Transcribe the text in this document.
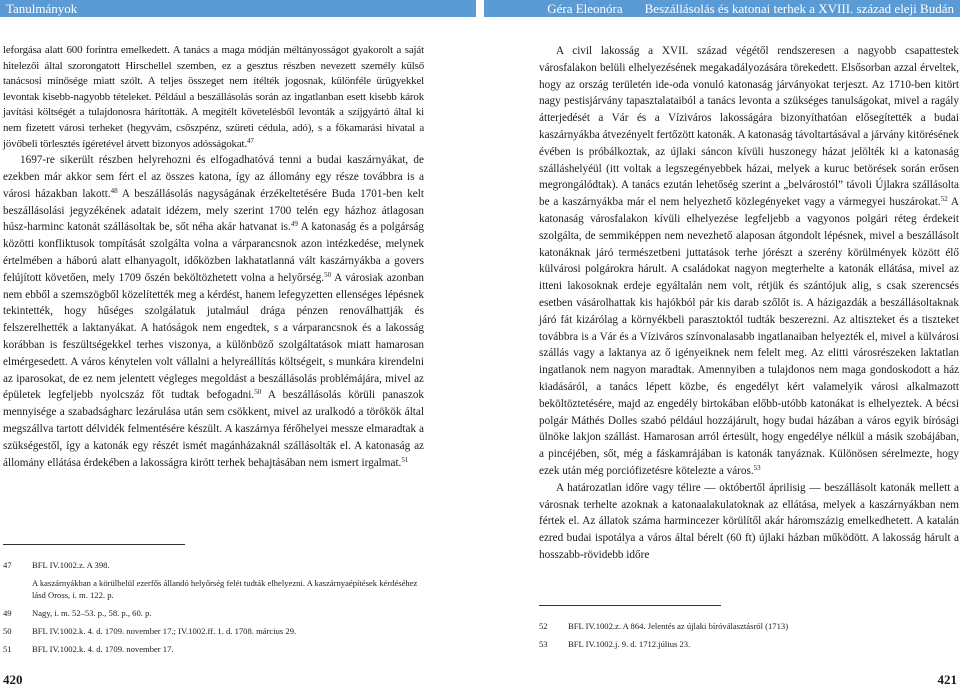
Tanulmányok	Géra Eleonóra Beszállásolás és katonai terhek a XVIII. század eleji Budán

leforgása alatt 600 forintra emelkedett. A tanács a maga módján méltányosságot gyakorolt a saját hitelezői által szorongatott Hirschellel szemben, ez a gesztus részben nevezett személy külső tanácsosi minősége miatt szólt. A teljes összeget nem ítélték jogosnak, különféle ürügyekkel levontak kisebb-nagyobb tételeket. Például a beszállásolás során az ingatlanban esett kisebb károk javítási költségét a tulajdonosra hárították. A megítélt követelésből levonták a szíjgyártó által ki nem fizetett városi terheket (hegyvám, csőszpénz, szüreti cédula, adó), s a főkamarási hivatal a jövőbeli törlesztés ígéretével átvett bizonyos adósságokat.$^{47}$

1697-re sikerült részben helyrehozni és elfogadhatóvá tenni a budai kaszárnyákat, de ezekben már akkor sem fért el az összes katona, így az állomány egy része továbbra is a városi házakban lakott.$^{48}$ A beszállásolás nagyságának érzékeltetésére Buda 1701-ben kelt beszállásolási jegyzékének adatait idézem, mely szerint 1700 telén egy házhoz átlagosan húsz-harminc katonát szállásoltak be, sőt néha akár hatvanat is.$^{49}$ A katonaság és a polgárság közötti konfliktusok tompítását szolgálta volna a várparancsnok azon intézkedése, melynek értelmében a háború alatt elhanyagolt, időközben lakhatatlanná vált kaszárnyákba a govers felújított követően, mely 1709 őszén beköltözhetett volna a helyőrség.$^{50}$ A városiak azonban nem ebből a szemszögből közelítették meg a kérdést, hanem lefegyzetten ellenséges lépésnek tekintették, hogy hűséges szolgálatuk jutalmául drága pénzen renoválhattják és felszerelhették a laktanyákat. A hatóságok nem engedtek, s a várparancsnok és a lakosság korábban is feszültségekkel terhes viszonya, a különböző szolgáltatások miatt hamarosan elmérgesedett. A város kénytelen volt vállalni a helyreállítás költségeit, s munkára kirendelni az iparosokat, de ez nem jelentett végleges megoldást a beszállásolás problémájára, mivel az épületek legfeljebb nyolcszáz főt tudtak befogadni.$^{50}$ A beszállásolás körüli panaszok mennyisége a szabadságharc lezárulása után sem csökkent, mivel az uralkodó a törökök által megszállva tartott délvidék felmentésére készült. A kaszárnya férőhelyei messze elmaradtak a szükségestől, így a katonák egy részét ismét magánházaknál szállásolták el. A katonaság az állomány ellátása érdekében a lakosságra kirótt terhek behajtásában nem ismert irgalmat.$^{51}$

47 BFL IV.1002.z. A 398.
A kaszárnyákban a körülbelül ezerfős állandó helyőrség felét tudták elhelyezni. A kaszárnyaépítések kérdéséhez lásd Oross, i. m. 122. p.
49 Nagy, i. m. 52–53. p., 58. p., 60. p.
50 BFL IV.1002.k. 4. d. 1709. november 17.; IV.1002.ff. 1. d. 1708. március 29.
51 BFL IV.1002.k. 4. d. 1709. november 17.
420

A civil lakosság a XVII. század végétől rendszeresen a nagyobb csapattestek városfalakon belüli elhelyezésének megakadályozására törekedett. Elsősorban azzal érveltek, hogy az ország területén ide-oda vonuló katonaság járványokat terjeszt. Az 1710-ben kitört nagy pestisjárvány tapasztalataiból a tanács levonta a szükséges tanulságokat, mivel a ragály átterjedését a Vár és a Víziváros lakosságára bizonyíthatóan elősegítették a budai kaszárnyákba átvezényelt fertőzött katonák. A katonaság távoltartásával a járvány kitörésének évében is próbálkoztak, az újlaki sáncon kívüli huszonegy házat jelölték ki a katonaság szálláshelyéül (itt voltak a legszegényebbek házai, melyek a kuruc betörések során erősen megrongálódtak). A tanács ezután lehetőség szerint a „belvárostól” távoli Újlakra szállásolta be a kaszárnyákba már el nem helyezhető közlegényeket vagy a vármegyei huszárokat.$^{52}$ A katonaság városfalakon kívüli elhelyezése legfeljebb a vagyonos polgári réteg érdekeit szolgálta, de semmiképpen nem nevezhető alaposan átgondolt lépésnek, mivel a beszállásolt katonáknak járó természetbeni juttatások terhe jórészt a szerény körülmények között élő külvárosi polgárokra hárult. A családokat nagyon megterhelte a katonák ellátása, mivel az itteni lakosoknak erdeje egyáltalán nem volt, rétjük és szántójuk alig, s csak szerencsés esetben vásárolhattak kis hajókból pár kis darab szőlőt is. A házigazdák a beszállásoltaknak járó fát kizárólag a környékbeli parasztoktól tudták beszerezni. Az altiszteket és a tiszteket továbbra is a Vár és a Víziváros színvonalasabb ingatlanaiban helyezték el, mivel a külvárosi szállás vagy a laktanya az ő igényeiknek nem felelt meg. Az elitti városrészeken laktatlan ingatlanok nem nagyon maradtak. Amennyiben a tulajdonos nem maga gondoskodott a ház kiadásáról, a tanács lépett közbe, és engedélyt kért valamelyik városi alkalmazott beköltöztetésére, majd az engedély birtokában előbb-utóbb katonákat is elhelyeztek. A bécsi polgár Máthés Dolles szabó például hozzájárult, hogy budai házában a város egyik bírósági ülnöke lakjon szállást. Hamarosan arról értesült, hogy engedélye nélkül a másik szobájában, a pincéjében, sőt, még a fáskamrájában is katonák tanyáznak. Különösen sérelmezte, hogy ezek után még porciófizetésre kötelezte a város.$^{53}$

A határozatlan időre vagy télire — októbertől áprilisig — beszállásolt katonák mellett a városnak terhelte azoknak a katonaalakulatoknak az ellátása, melyek a kaszárnyákban nem fértek el. Az állatok száma harmincezer körülítől akár háromszázig emelkedhetett. A katalán ezred budai ispotálya a város által bérelt (60 ft) újlaki házban működött. A lakosság hárult a hosszabb-rövidebb időre

52 BFL IV.1002.z. A 864. Jelentés az újlaki bíróválasztásról (1713)
53 BFL IV.1002.j. 9. d. 1712.július 23.
421
